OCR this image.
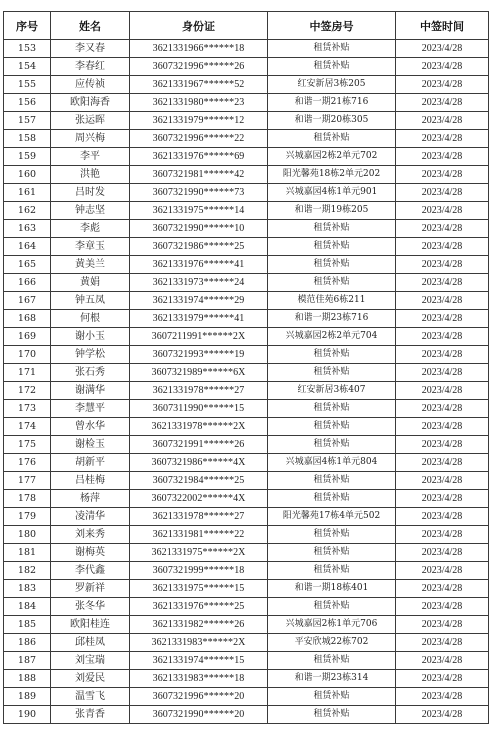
序号	姓名	身份证	中签房号	中签时间
153	李又春	3621331966******18	租赁补贴	2023/4/28
154	李春红	3607321996******26	租赁补贴	2023/4/28
155	应传祯	3621331967******52	红安新居3栋205	2023/4/28
156	欧阳海香	3621331980******23	和谐一期21栋716	2023/4/28
157	张运晖	3621331979******12	和谐一期20栋305	2023/4/28
158	周兴梅	3607321996******22	租赁补贴	2023/4/28
159	李平	3621331976******69	兴城嘉园2栋2单元702	2023/4/28
160	洪艳	3607321981******42	阳光馨苑18栋2单元202	2023/4/28
161	吕时发	3607321990******73	兴城嘉园4栋1单元901	2023/4/28
162	钟志坚	3621331975******14	和谐一期19栋205	2023/4/28
163	李彪	3607321990******10	租赁补贴	2023/4/28
164	李章玉	3607321986******25	租赁补贴	2023/4/28
165	黄美兰	3621331976******41	租赁补贴	2023/4/28
166	黄娟	3621331973******24	租赁补贴	2023/4/28
167	钟五凤	3621331974******29	模范佳苑6栋211	2023/4/28
168	何根	3621331979******41	和谐一期23栋716	2023/4/28
169	谢小玉	3607211991******2X	兴城嘉园2栋2单元704	2023/4/28
170	钟学松	3607321993******19	租赁补贴	2023/4/28
171	张石秀	3607321989******6X	租赁补贴	2023/4/28
172	谢满华	3621331978******27	红安新居3栋407	2023/4/28
173	李慧平	3607311990******15	租赁补贴	2023/4/28
174	曾水华	3621331978******2X	租赁补贴	2023/4/28
175	谢检玉	3607321991******26	租赁补贴	2023/4/28
176	胡新平	3607321986******4X	兴城嘉园4栋1单元804	2023/4/28
177	吕桂梅	3607321984******25	租赁补贴	2023/4/28
178	杨萍	3607322002******4X	租赁补贴	2023/4/28
179	凌清华	3621331978******27	阳光馨苑17栋4单元502	2023/4/28
180	刘来秀	3621331981******22	租赁补贴	2023/4/28
181	谢梅英	3621331975******2X	租赁补贴	2023/4/28
182	李代鑫	3607321999******18	租赁补贴	2023/4/28
183	罗新祥	3621331975******15	和谐一期18栋401	2023/4/28
184	张冬华	3621331976******25	租赁补贴	2023/4/28
185	欧阳桂连	3621331982******26	兴城嘉园2栋1单元706	2023/4/28
186	邱桂凤	3621331983******2X	平安欣城22栋702	2023/4/28
187	刘宝瑞	3621331974******15	租赁补贴	2023/4/28
188	刘爱民	3621331983******18	和谐一期23栋314	2023/4/28
189	温雪飞	3607321996******20	租赁补贴	2023/4/28
190	张青香	3607321990******20	租赁补贴	2023/4/28
